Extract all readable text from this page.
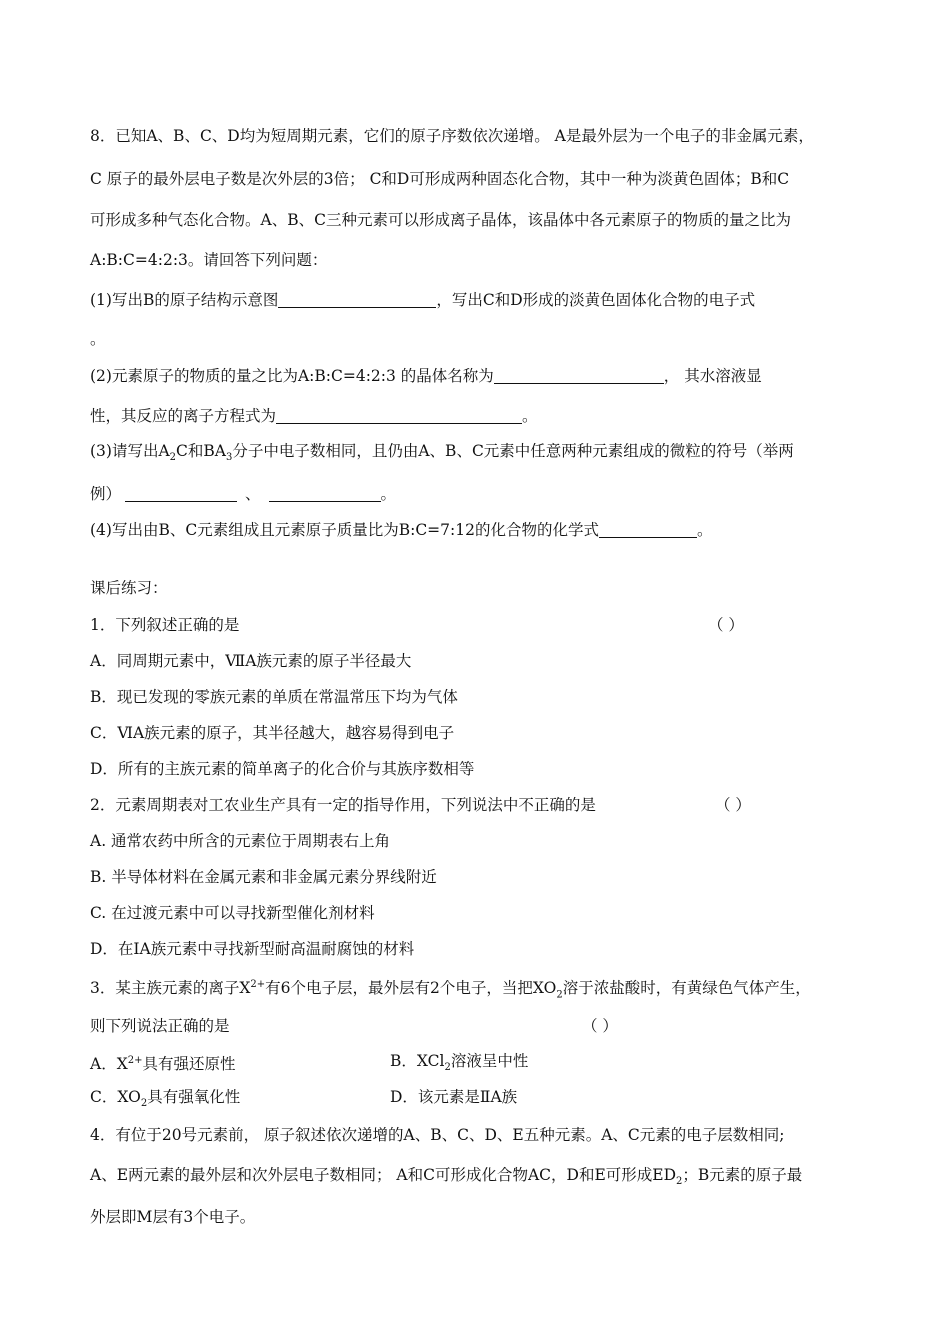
8．已知A、B、C、D均为短周期元素，它们的原子序数依次递增。 A是最外层为一个电子的非金属元素，
C 原子的最外层电子数是次外层的3倍； C和D可形成两种固态化合物，其中一种为淡黄色固体；B和C
可形成多种气态化合物。A、B、C三种元素可以形成离子晶体，该晶体中各元素原子的物质的量之比为
A:B:C=4:2:3。请回答下列问题：
(1)写出B的原子结构示意图	，写出C和D形成的淡黄色固体化合物的电子式
。
(2)元素原子的物质的量之比为A:B:C=4:2:3 的晶体名称为	， 其水溶液显
性，其反应的离子方程式为	。
(3)请写出$A_2C$和$BA_3$分子中电子数相同，且仍由A、B、C元素中任意两种元素组成的微粒的符号（举两
例）	、	。
(4)写出由B、C元素组成且元素原子质量比为B:C=7:12的化合物的化学式	。
课后练习：
1．下列叙述正确的是	（ ）
A．同周期元素中，ⅦA族元素的原子半径最大
B．现已发现的零族元素的单质在常温常压下均为气体
C．ⅥA族元素的原子，其半径越大，越容易得到电子
D．所有的主族元素的简单离子的化合价与其族序数相等
2．元素周期表对工农业生产具有一定的指导作用，下列说法中不正确的是	（ ）
A. 通常农药中所含的元素位于周期表右上角
B. 半导体材料在金属元素和非金属元素分界线附近
C. 在过渡元素中可以寻找新型催化剂材料
D．在IA族元素中寻找新型耐高温耐腐蚀的材料
3．某主族元素的离子$X^{2+}$有6个电子层，最外层有2个电子，当把$XO_2$溶于浓盐酸时，有黄绿色气体产生，
则下列说法正确的是	（ ）
A．$X^{2+}$具有强还原性	B．XCl$_2$溶液呈中性
C．$XO_2$具有强氧化性	D．该元素是ⅡA族
4．有位于20号元素前， 原子叙述依次递增的A、B、C、D、E五种元素。A、C元素的电子层数相同;
A、E两元素的最外层和次外层电子数相同； A和C可形成化合物AC，D和E可形成$ED_2$；B元素的原子最
外层即M层有3个电子。
